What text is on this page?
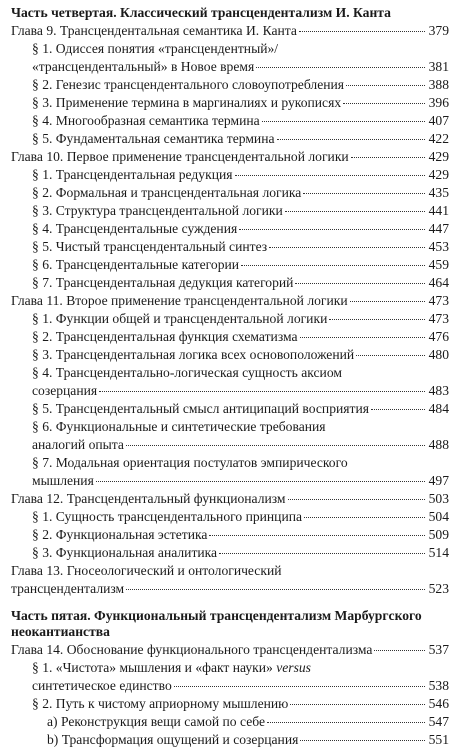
Часть четвертая. Классический трансцендентализм И. Канта
Глава 9. Трансцендентальная семантика И. Канта	379
§ 1. Одиссея понятия «трансцендентный»/
«трансцендентальный» в Новое время	381
§ 2. Генезис трансцендентального словоупотребления	388
§ 3. Применение термина в маргиналиях и рукописях	396
§ 4. Многообразная семантика термина	407
§ 5. Фундаментальная семантика термина	422
Глава 10. Первое применение трансцендентальной логики	429
§ 1. Трансцендентальная редукция	429
§ 2. Формальная и трансцендентальная логика	435
§ 3. Структура трансцендентальной логики	441
§ 4. Трансцендентальные суждения	447
§ 5. Чистый трансцендентальный синтез	453
§ 6. Трансцендентальные категории	459
§ 7. Трансцендентальная дедукция категорий	464
Глава 11. Второе применение трансцендентальной логики	473
§ 1. Функции общей и трансцендентальной логики	473
§ 2. Трансцендентальная функция схематизма	476
§ 3. Трансцендентальная логика всех основоположений	480
§ 4. Трансцендентально-логическая сущность аксиом
созерцания	483
§ 5. Трансцендентальный смысл антиципаций восприятия	484
§ 6. Функциональные и синтетические требования
аналогий опыта	488
§ 7. Модальная ориентация постулатов эмпирического
мышления	497
Глава 12. Трансцендентальный функционализм	503
§ 1. Сущность трансцендентального принципа	504
§ 2. Функциональная эстетика	509
§ 3. Функциональная аналитика	514
Глава 13. Гносеологический и онтологический
трансцендентализм	523
Часть пятая. Функциональный трансцендентализм Марбургского
неокантианства
Глава 14. Обоснование функционального трансцендентализма	537
§ 1. «Чистота» мышления и «факт науки» versus
синтетическое единство	538
§ 2. Путь к чистому априорному мышлению	546
a) Реконструкция вещи самой по себе	547
b) Трансформация ощущений и созерцания	551
